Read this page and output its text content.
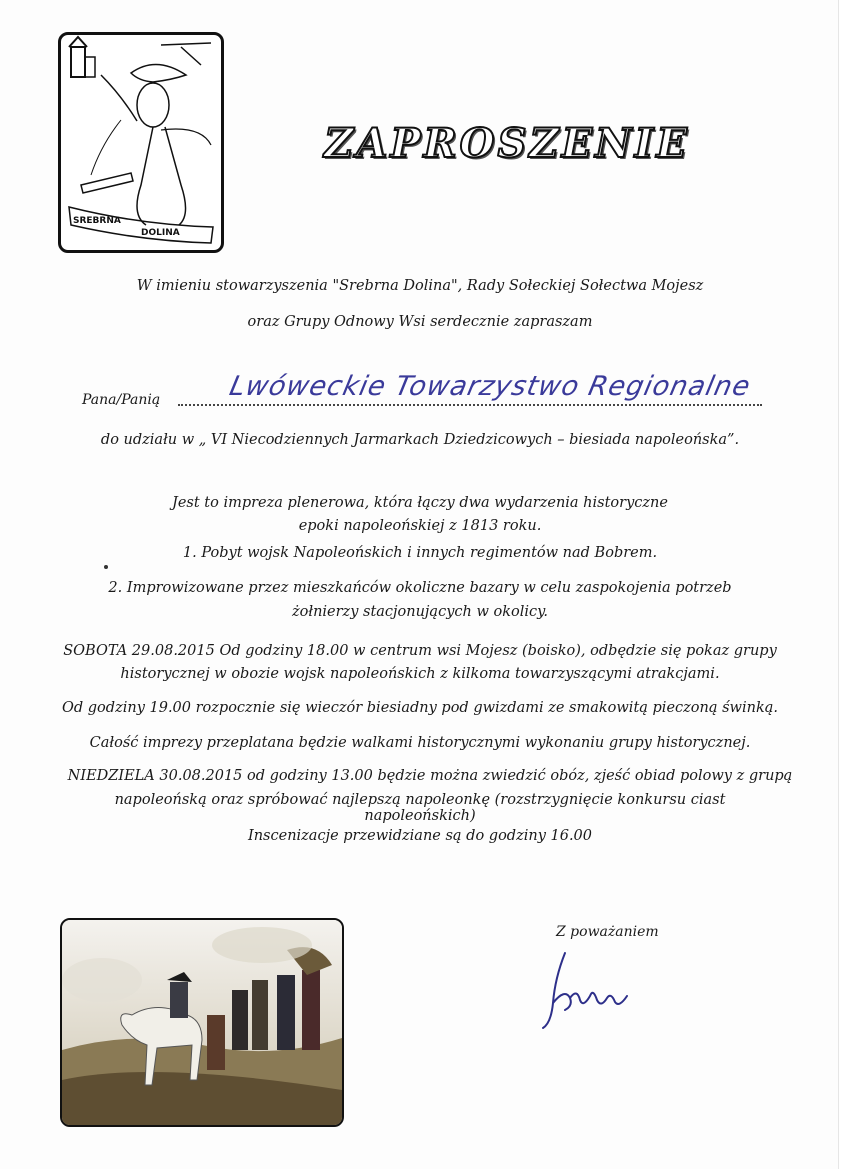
SREBRNA
DOLINA
ZAPROSZENIE
W imieniu stowarzyszenia "Srebrna Dolina", Rady Sołeckiej Sołectwa Mojesz
oraz Grupy Odnowy Wsi serdecznie zapraszam
Pana/Panią Lwóweckie Towarzystwo Regionalne
do udziału w „ VI Niecodziennych Jarmarkach Dziedzicowych – biesiada napoleońska”.
Jest to impreza plenerowa, która łączy dwa wydarzenia historyczne
epoki napoleońskiej z 1813 roku.
1. Pobyt wojsk Napoleońskich i innych regimentów nad Bobrem.
2. Improwizowane przez mieszkańców okoliczne bazary w celu zaspokojenia potrzeb
żołnierzy stacjonujących w okolicy.
SOBOTA 29.08.2015 Od godziny 18.00 w centrum wsi Mojesz (boisko), odbędzie się pokaz grupy
historycznej w obozie wojsk napoleońskich z kilkoma towarzyszącymi atrakcjami.
Od godziny 19.00 rozpocznie się wieczór biesiadny pod gwizdami ze smakowitą pieczoną świnką.
Całość imprezy przeplatana będzie walkami historycznymi wykonaniu grupy historycznej.
NIEDZIELA 30.08.2015 od godziny 13.00 będzie można zwiedzić obóz, zjeść obiad polowy z grupą
napoleońską oraz spróbować najlepszą napoleonkę (rozstrzygnięcie konkursu ciast napoleońskich)
Inscenizacje przewidziane są do godziny 16.00
Z poważaniem
